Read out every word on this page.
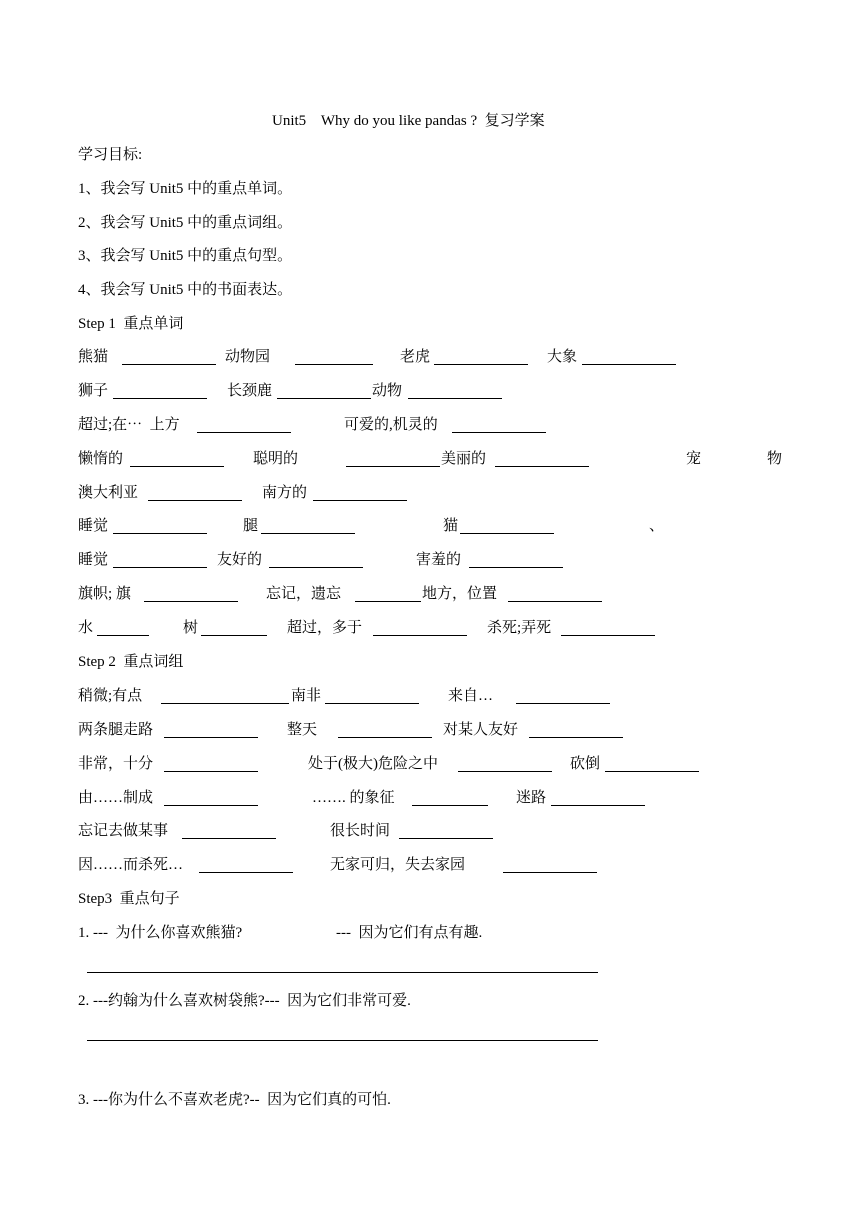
Unit5    Why do you like pandas ?  复习学案
学习目标:
1、我会写 Unit5 中的重点单词。
2、我会写 Unit5 中的重点词组。
3、我会写 Unit5 中的重点句型。
4、我会写 Unit5 中的书面表达。
Step 1  重点单词
熊猫	动物园	老虎	大象
狮子	长颈鹿	动物
超过;在⋯  上方	可爱的,机灵的
懒惰的	聪明的	美丽的	宠	物
澳大利亚	南方的
睡觉	腿	猫	、
睡觉	友好的	害羞的
旗帜; 旗	忘记，遗忘	地方，位置
水	树	超过，多于	杀死;弄死
Step 2  重点词组
稍微;有点	南非	来自…
两条腿走路	整天	对某人友好
非常，十分	处于(极大)危险之中	砍倒
由……制成	……. 的象征	迷路
忘记去做某事	很长时间
因……而杀死…	无家可归，失去家园
Step3  重点句子
1. ---  为什么你喜欢熊猫?	---  因为它们有点有趣.
2. ---约翰为什么喜欢树袋熊?---  因为它们非常可爱.
3. ---你为什么不喜欢老虎?--  因为它们真的可怕.
